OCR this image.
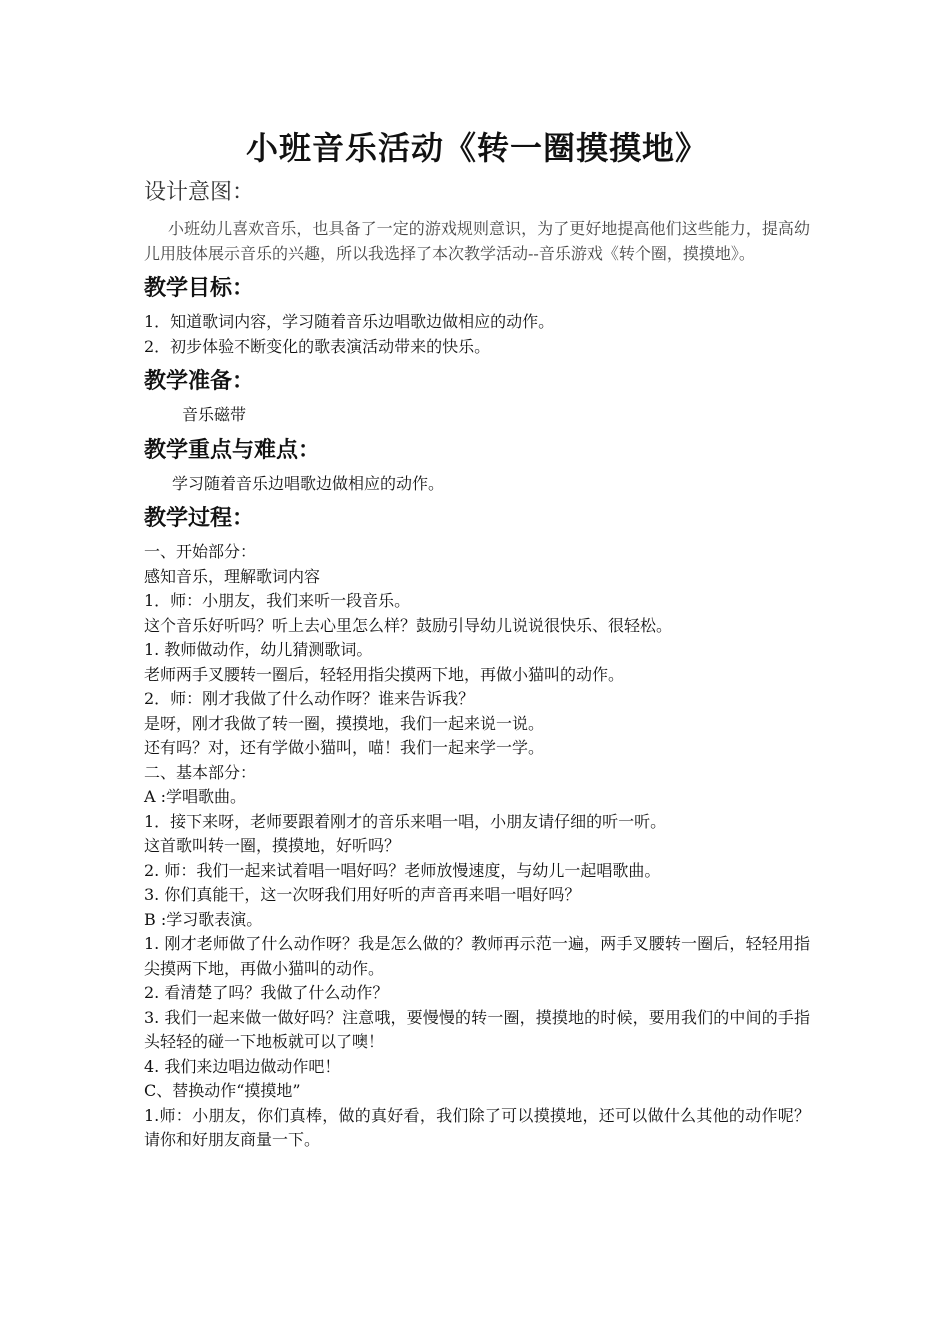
小班音乐活动《转一圈摸摸地》
设计意图：

小班幼儿喜欢音乐，也具备了一定的游戏规则意识，为了更好地提高他们这些能力，提高幼儿用肢体展示音乐的兴趣，所以我选择了本次教学活动--音乐游戏《转个圈，摸摸地》。

教学目标：

1．知道歌词内容，学习随着音乐边唱歌边做相应的动作。

2．初步体验不断变化的歌表演活动带来的快乐。

教学准备：

音乐磁带

教学重点与难点：

学习随着音乐边唱歌边做相应的动作。

教学过程：

一、开始部分：

感知音乐，理解歌词内容

1．师：小朋友，我们来听一段音乐。

这个音乐好听吗？听上去心里怎么样？鼓励引导幼儿说说很快乐、很轻松。

1. 教师做动作，幼儿猜测歌词。

老师两手叉腰转一圈后，轻轻用指尖摸两下地，再做小猫叫的动作。

2．师：刚才我做了什么动作呀？谁来告诉我？

是呀，刚才我做了转一圈，摸摸地，我们一起来说一说。

还有吗？对，还有学做小猫叫，喵！我们一起来学一学。

二、基本部分：

A :学唱歌曲。

1．接下来呀，老师要跟着刚才的音乐来唱一唱，小朋友请仔细的听一听。

这首歌叫转一圈，摸摸地，好听吗？

2. 师：我们一起来试着唱一唱好吗？老师放慢速度，与幼儿一起唱歌曲。

3. 你们真能干，这一次呀我们用好听的声音再来唱一唱好吗？

B :学习歌表演。

1. 刚才老师做了什么动作呀？我是怎么做的？教师再示范一遍，两手叉腰转一圈后，轻轻用指尖摸两下地，再做小猫叫的动作。

2. 看清楚了吗？我做了什么动作？

3. 我们一起来做一做好吗？注意哦，要慢慢的转一圈，摸摸地的时候，要用我们的中间的手指头轻轻的碰一下地板就可以了噢！

4. 我们来边唱边做动作吧！

C、替换动作“摸摸地”

1.师：小朋友，你们真棒，做的真好看，我们除了可以摸摸地，还可以做什么其他的动作呢？请你和好朋友商量一下。
